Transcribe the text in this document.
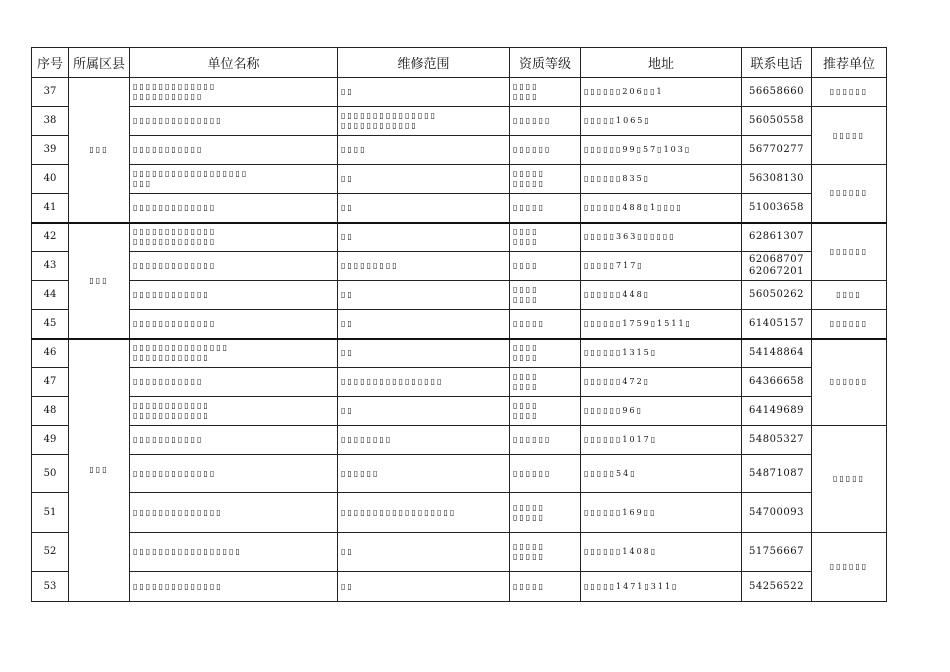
序号	所属区县	单位名称	维修范围	资质等级	地址	联系电话	推荐单位
37	▯▯▯	▯▯▯▯▯▯▯▯▯▯▯▯▯
▯▯▯▯▯▯▯▯▯▯▯	▯▯	▯▯▯▯
▯▯▯▯	▯▯▯▯▯▯206▯▯1	56658660	▯▯▯▯▯▯
38		▯▯▯▯▯▯▯▯▯▯▯▯▯▯	▯▯▯▯▯▯▯▯▯▯▯▯▯▯▯
▯▯▯▯▯▯▯▯▯▯▯▯	▯▯▯▯▯▯	▯▯▯▯▯1065▯	56050558	▯▯▯▯▯
39		▯▯▯▯▯▯▯▯▯▯▯	▯▯▯▯	▯▯▯▯▯▯	▯▯▯▯▯▯99▯57▯103▯	56770277	
40		▯▯▯▯▯▯▯▯▯▯▯▯▯▯▯▯▯▯
▯▯▯	▯▯	▯▯▯▯▯
▯▯▯▯▯	▯▯▯▯▯▯835▯	56308130	▯▯▯▯▯▯
41		▯▯▯▯▯▯▯▯▯▯▯▯▯	▯▯	▯▯▯▯▯	▯▯▯▯▯▯488▯1▯▯▯▯	51003658	
42	▯▯▯	▯▯▯▯▯▯▯▯▯▯▯▯▯
▯▯▯▯▯▯▯▯▯▯▯▯▯	▯▯	▯▯▯▯
▯▯▯▯	▯▯▯▯▯363▯▯▯▯▯▯	62861307	▯▯▯▯▯▯
43		▯▯▯▯▯▯▯▯▯▯▯▯▯	▯▯▯▯▯▯▯▯▯	▯▯▯▯	▯▯▯▯▯717▯	62068707
62067201	
44		▯▯▯▯▯▯▯▯▯▯▯▯	▯▯	▯▯▯▯
▯▯▯▯	▯▯▯▯▯▯448▯	56050262	▯▯▯▯
45		▯▯▯▯▯▯▯▯▯▯▯▯▯	▯▯	▯▯▯▯▯	▯▯▯▯▯▯1759▯1511▯	61405157	▯▯▯▯▯▯
46	▯▯▯	▯▯▯▯▯▯▯▯▯▯▯▯▯▯▯
▯▯▯▯▯▯▯▯▯▯▯▯	▯▯	▯▯▯▯
▯▯▯▯	▯▯▯▯▯▯1315▯	54148864	▯▯▯▯▯▯
47		▯▯▯▯▯▯▯▯▯▯▯	▯▯▯▯▯▯▯▯▯▯▯▯▯▯▯▯	▯▯▯▯
▯▯▯▯	▯▯▯▯▯▯472▯	64366658	
48		▯▯▯▯▯▯▯▯▯▯▯▯
▯▯▯▯▯▯▯▯▯▯▯▯	▯▯	▯▯▯▯
▯▯▯▯	▯▯▯▯▯▯96▯	64149689	
49		▯▯▯▯▯▯▯▯▯▯▯	▯▯▯▯▯▯▯▯	▯▯▯▯▯▯	▯▯▯▯▯▯1017▯	54805327	▯▯▯▯▯
50		▯▯▯▯▯▯▯▯▯▯▯▯▯	▯▯▯▯▯▯	▯▯▯▯▯▯	▯▯▯▯▯54▯	54871087	
51		▯▯▯▯▯▯▯▯▯▯▯▯▯▯	▯▯▯▯▯▯▯▯▯▯▯▯▯▯▯▯▯▯	▯▯▯▯▯
▯▯▯▯▯	▯▯▯▯▯▯169▯▯	54700093	
52		▯▯▯▯▯▯▯▯▯▯▯▯▯▯▯▯▯	▯▯	▯▯▯▯▯
▯▯▯▯▯	▯▯▯▯▯▯1408▯	51756667	▯▯▯▯▯▯
53		▯▯▯▯▯▯▯▯▯▯▯▯▯▯	▯▯	▯▯▯▯▯	▯▯▯▯▯1471▯311▯	54256522	
